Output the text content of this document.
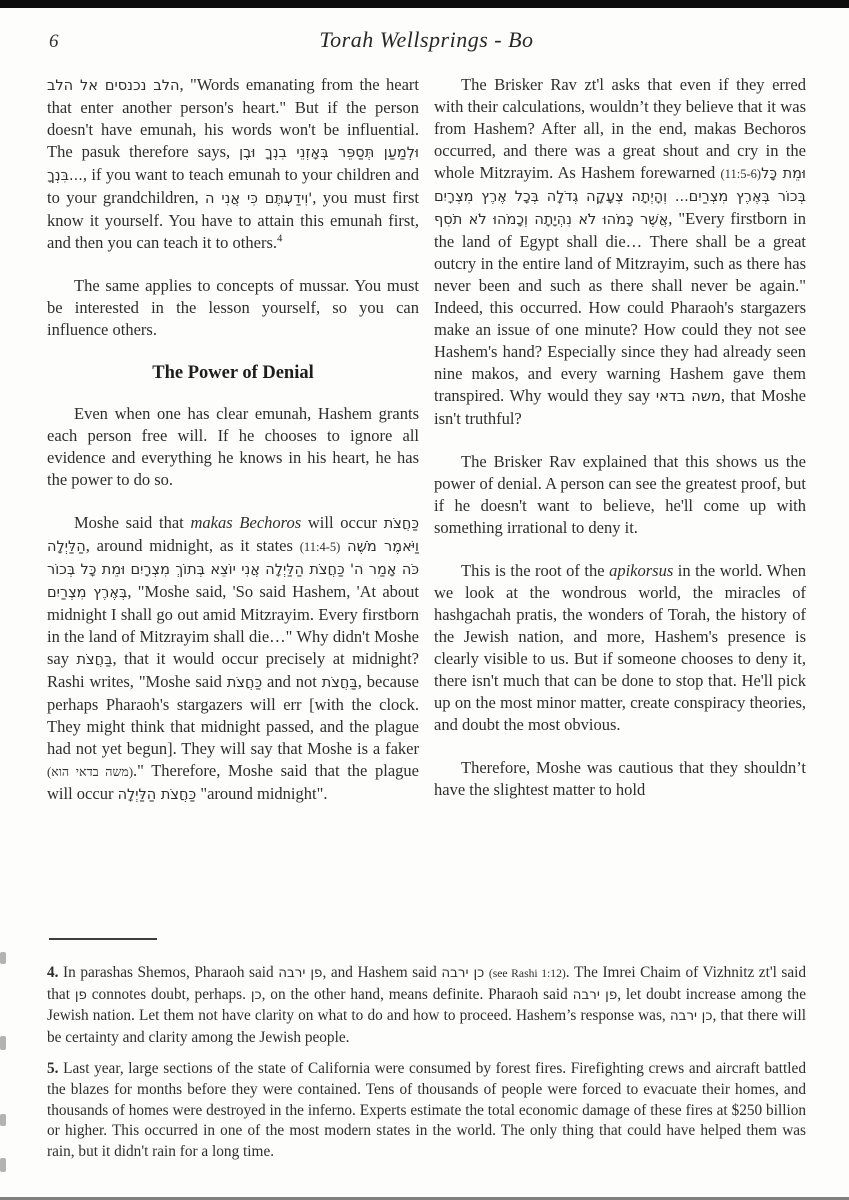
6	Torah Wellsprings - Bo

הלב נכנסים אל הלב, "Words emanating from the heart that enter another person's heart." But if the person doesn't have emunah, his words won't be influential. The pasuk therefore says, וּלְמַעַן תְּסַפֵּר בְּאָזְנֵי בִנְךָ וּבֶן בִּנְךָ..., if you want to teach emunah to your children and to your grandchildren, וִידַעְתֶּם כִּי אֲנִי ה', you must first know it yourself. You have to attain this emunah first, and then you can teach it to others.$^4$

The same applies to concepts of mussar. You must be interested in the lesson yourself, so you can influence others.

The Power of Denial

Even when one has clear emunah, Hashem grants each person free will. If he chooses to ignore all evidence and everything he knows in his heart, he has the power to do so.

Moshe said that makas Bechoros will occur כַּחֲצֹת הַלַּיְלָה, around midnight, as it states (11:4-5) וַיֹּאמֶר מֹשֶׁה כֹּה אָמַר ה' כַּחֲצֹת הַלַּיְלָה אֲנִי יוֹצֵא בְּתוֹךְ מִצְרָיִם וּמֵת כָּל בְּכוֹר בְּאֶרֶץ מִצְרַיִם, "Moshe said, 'So said Hashem, 'At about midnight I shall go out amid Mitzrayim. Every firstborn in the land of Mitzrayim shall die…" Why didn't Moshe say בַּחֲצֹת, that it would occur precisely at midnight? Rashi writes, "Moshe said כַּחֲצֹת and not בַּחֲצֹת, because perhaps Pharaoh's stargazers will err [with the clock. They might think that midnight passed, and the plague had not yet begun]. They will say that Moshe is a faker (משה בדאי הוא)." Therefore, Moshe said that the plague will occur כַּחֲצֹת הַלַּיְלָה "around midnight".

The Brisker Rav zt'l asks that even if they erred with their calculations, wouldn’t they believe that it was from Hashem? After all, in the end, makas Bechoros occurred, and there was a great shout and cry in the whole Mitzrayim. As Hashem forewarned (11:5-6)וּמֵת כָּל בְּכוֹר בְּאֶרֶץ מִצְרַיִם... וְהָיְתָה צְעָקָה גְדֹלָה בְּכָל אֶרֶץ מִצְרָיִם אֲשֶׁר כָּמֹהוּ לֹא נִהְיָתָה וְכָמֹהוּ לֹא תֹסִף, "Every firstborn in the land of Egypt shall die… There shall be a great outcry in the entire land of Mitzrayim, such as there has never been and such as there shall never be again." Indeed, this occurred. How could Pharaoh's stargazers make an issue of one minute? How could they not see Hashem's hand? Especially since they had already seen nine makos, and every warning Hashem gave them transpired. Why would they say משה בדאי, that Moshe isn't truthful?

The Brisker Rav explained that this shows us the power of denial. A person can see the greatest proof, but if he doesn't want to believe, he'll come up with something irrational to deny it.

This is the root of the apikorsus in the world. When we look at the wondrous world, the miracles of hashgachah pratis, the wonders of Torah, the history of the Jewish nation, and more, Hashem's presence is clearly visible to us. But if someone chooses to deny it, there isn't much that can be done to stop that. He'll pick up on the most minor matter, create conspiracy theories, and doubt the most obvious.

Therefore, Moshe was cautious that they shouldn’t have the slightest matter to hold

4. In parashas Shemos, Pharaoh said פן ירבה, and Hashem said כן ירבה (see Rashi 1:12). The Imrei Chaim of Vizhnitz zt'l said that פן connotes doubt, perhaps. כן, on the other hand, means definite. Pharaoh said פן ירבה, let doubt increase among the Jewish nation. Let them not have clarity on what to do and how to proceed. Hashem’s response was, כן ירבה, that there will be certainty and clarity among the Jewish people.

5. Last year, large sections of the state of California were consumed by forest fires. Firefighting crews and aircraft battled the blazes for months before they were contained. Tens of thousands of people were forced to evacuate their homes, and thousands of homes were destroyed in the inferno. Experts estimate the total economic damage of these fires at $250 billion or higher. This occurred in one of the most modern states in the world. The only thing that could have helped them was rain, but it didn't rain for a long time.
